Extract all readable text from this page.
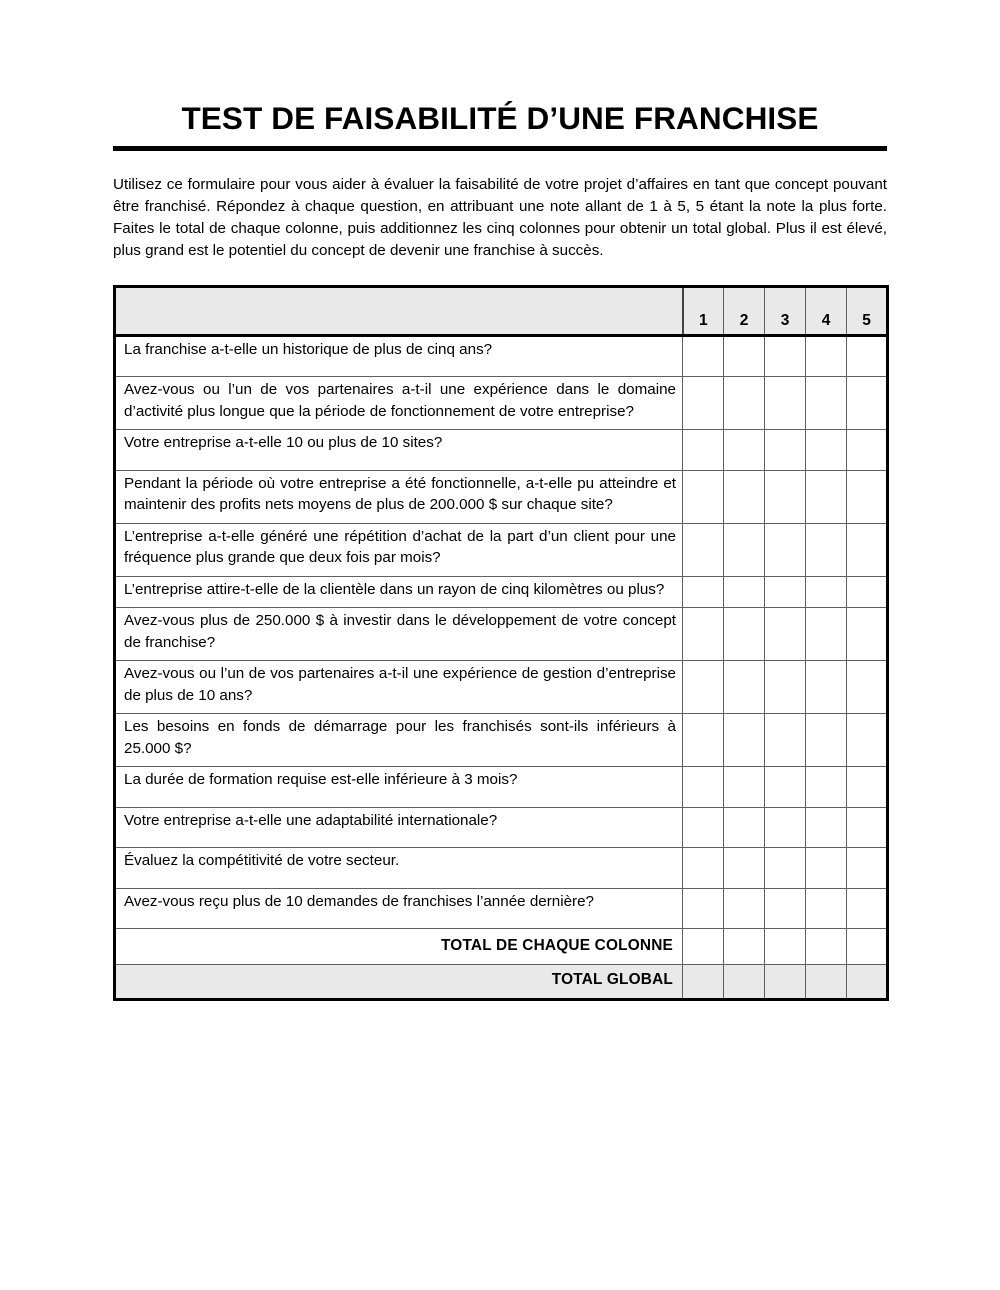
TEST DE FAISABILITÉ D’UNE FRANCHISE

Utilisez ce formulaire pour vous aider à évaluer la faisabilité de votre projet d’affaires en tant que concept pouvant être franchisé. Répondez à chaque question, en attribuant une note allant de 1 à 5, 5 étant la note la plus forte. Faites le total de chaque colonne, puis additionnez les cinq colonnes pour obtenir un total global. Plus il est élevé, plus grand est le potentiel du concept de devenir une franchise à succès.

	1	2	3	4	5
La franchise a-t-elle un historique de plus de cinq ans?					
Avez-vous ou l’un de vos partenaires a-t-il une expérience dans le domaine d’activité plus longue que la période de fonctionnement de votre entreprise?					
Votre entreprise a-t-elle 10 ou plus de 10 sites?					
Pendant la période où votre entreprise a été fonctionnelle, a-t-elle pu atteindre et maintenir des profits nets moyens de plus de 200.000 $ sur chaque site?					
L’entreprise a-t-elle généré une répétition d’achat de la part d’un client pour une fréquence plus grande que deux fois par mois?					
L’entreprise attire-t-elle de la clientèle dans un rayon de cinq kilomètres ou plus?					
Avez-vous plus de 250.000 $ à investir dans le développement de votre concept de franchise?					
Avez-vous ou l’un de vos partenaires a-t-il une expérience de gestion d’entreprise de plus de 10 ans?					
Les besoins en fonds de démarrage pour les franchisés sont-ils inférieurs à 25.000 $?					
La durée de formation requise est-elle inférieure à 3 mois?					
Votre entreprise a-t-elle une adaptabilité internationale?					
Évaluez la compétitivité de votre secteur.					
Avez-vous reçu plus de 10 demandes de franchises l’année dernière?					
TOTAL DE CHAQUE COLONNE					
TOTAL GLOBAL					
